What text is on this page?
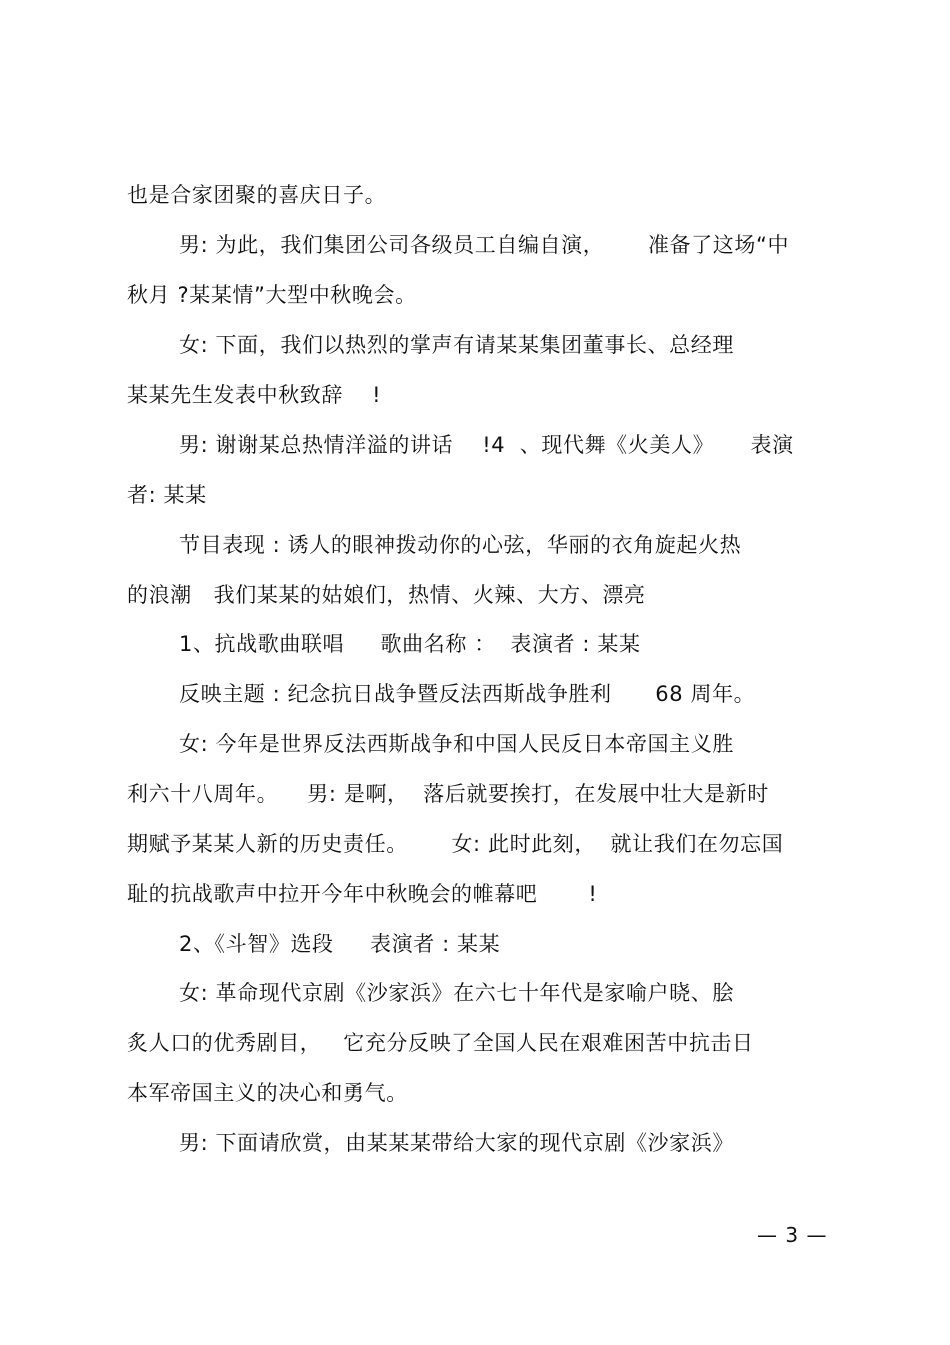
也是合家团聚的喜庆日子。
男: 为此，我们集团公司各级员工自编自演，      准备了这场“中
秋月 ?某某情”大型中秋晚会。
女: 下面，我们以热烈的掌声有请某某集团董事长、总经理
某某先生发表中秋致辞    !
男: 谢谢某总热情洋溢的讲话    !4  、现代舞《火美人》     表演
者: 某某
节目表现 : 诱人的眼神拨动你的心弦，华丽的衣角旋起火热
的浪潮   我们某某的姑娘们，热情、火辣、大方、漂亮
1、抗战歌曲联唱     歌曲名称 ：  表演者 : 某某
反映主题 : 纪念抗日战争暨反法西斯战争胜利      68 周年。
女: 今年是世界反法西斯战争和中国人民反日本帝国主义胜
利六十八周年。    男: 是啊，  落后就要挨打，在发展中壮大是新时
期赋予某某人新的历史责任。      女: 此时此刻，  就让我们在勿忘国
耻的抗战歌声中拉开今年中秋晚会的帷幕吧       !
2、《斗智》选段     表演者 : 某某
女: 革命现代京剧《沙家浜》在六七十年代是家喻户晓、脍
炙人口的优秀剧目，   它充分反映了全国人民在艰难困苦中抗击日
本军帝国主义的决心和勇气。
男: 下面请欣赏，由某某某带给大家的现代京剧《沙家浜》
— 3 —
